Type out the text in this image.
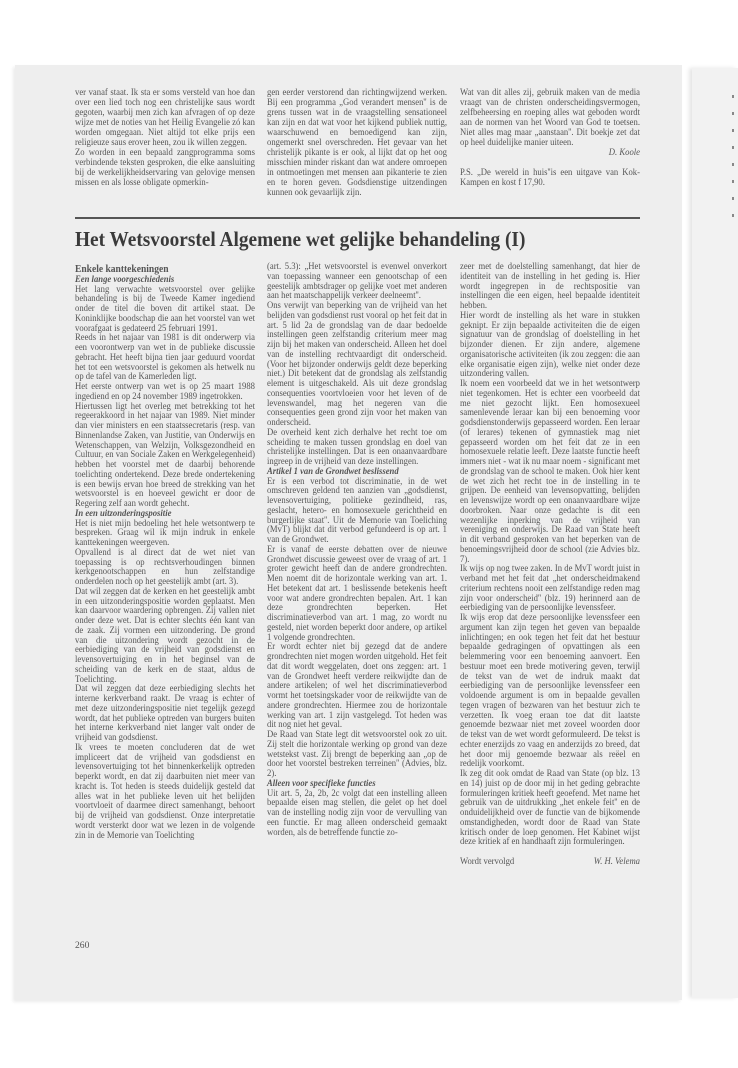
ver vanaf staat. Ik sta er soms versteld van hoe dan over een lied toch nog een christelijke saus wordt gegoten, waarbij men zich kan afvragen of op deze wijze met de noties van het Heilig Evangelie zó kan worden omgegaan. Niet altijd tot elke prijs een religieuze saus erover heen, zou ik willen zeggen.

Zo worden in een bepaald zangprogramma soms verbindende teksten gesproken, die elke aansluiting bij de werkelijkheidservaring van gelovige mensen missen en als losse obligate opmerkin-

gen eerder verstorend dan richtingwijzend werken. Bij een programma „God verandert mensen'' is de grens tussen wat in de vraagstelling sensationeel kan zijn en dat wat voor het kijkend publiek nuttig, waarschuwend en bemoedigend kan zijn, ongemerkt snel overschreden. Het gevaar van het christelijk pikante is er ook, al lijkt dat op het oog misschien minder riskant dan wat andere omroepen in ontmoetingen met mensen aan pikanterie te zien en te horen geven. Godsdienstige uitzendingen kunnen ook gevaarlijk zijn.

Wat van dit alles zij, gebruik maken van de media vraagt van de christen onderscheidingsvermogen, zelfbeheersing en roeping alles wat geboden wordt aan de normen van het Woord van God te toetsen. Niet alles mag maar „aanstaan''. Dit boekje zet dat op heel duidelijke manier uiteen.

D. Koole

P.S. „De wereld in huis''is een uitgave van Kok-Kampen en kost f 17,90.

Het Wetsvoorstel Algemene wet gelijke behandeling (I)

Enkele kanttekeningen

Een lange voorgeschiedenis

Het lang verwachte wetsvoorstel over gelijke behandeling is bij de Tweede Kamer ingediend onder de titel die boven dit artikel staat. De Koninklijke boodschap die aan het voorstel van wet voorafgaat is gedateerd 25 februari 1991.

Reeds in het najaar van 1981 is dit onderwerp via een voorontwerp van wet in de publieke discussie gebracht. Het heeft bijna tien jaar geduurd voordat het tot een wetsvoorstel is gekomen als hetwelk nu op de tafel van de Kamerleden ligt.

Het eerste ontwerp van wet is op 25 maart 1988 ingediend en op 24 november 1989 ingetrokken.

Hiertussen ligt het overleg met betrekking tot het regeerakkoord in het najaar van 1989. Niet minder dan vier ministers en een staatssecretaris (resp. van Binnenlandse Zaken, van Justitie, van Onderwijs en Wetenschappen, van Welzijn, Volksgezondheid en Cultuur, en van Sociale Zaken en Werkgelegenheid) hebben het voorstel met de daarbij behorende toelichting ondertekend. Deze brede ondertekening is een bewijs ervan hoe breed de strekking van het wetsvoorstel is en hoeveel gewicht er door de Regering zelf aan wordt gehecht.

In een uitzonderingspositie

Het is niet mijn bedoeling het hele wetsontwerp te bespreken. Graag wil ik mijn indruk in enkele kanttekeningen weergeven.

Opvallend is al direct dat de wet niet van toepassing is op rechtsverhoudingen binnen kerkgenootschappen en hun zelfstandige onderdelen noch op het geestelijk ambt (art. 3).

Dat wil zeggen dat de kerken en het geestelijk ambt in een uitzonderingspositie worden geplaatst. Men kan daarvoor waardering opbrengen. Zij vallen niet onder deze wet. Dat is echter slechts één kant van de zaak. Zij vormen een uitzondering. De grond van die uitzondering wordt gezocht in de eerbiediging van de vrijheid van godsdienst en levensovertuiging en in het beginsel van de scheiding van de kerk en de staat, aldus de Toelichting.

Dat wil zeggen dat deze eerbiediging slechts het interne kerkverband raakt. De vraag is echter of met deze uitzonderingspositie niet tegelijk gezegd wordt, dat het publieke optreden van burgers buiten het interne kerkverband niet langer valt onder de vrijheid van godsdienst.

Ik vrees te moeten concluderen dat de wet impliceert dat de vrijheid van godsdienst en levensovertuiging tot het binnenkerkelijk optreden beperkt wordt, en dat zij daarbuiten niet meer van kracht is. Tot heden is steeds duidelijk gesteld dat alles wat in het publieke leven uit het belijden voortvloeit of daarmee direct samenhangt, behoort bij de vrijheid van godsdienst. Onze interpretatie wordt versterkt door wat we lezen in de volgende zin in de Memorie van Toelichting

(art. 5.3): „Het wetsvoorstel is evenwel onverkort van toepassing wanneer een genootschap of een geestelijk ambtsdrager op gelijke voet met anderen aan het maatschappelijk verkeer deelneemt''.

Ons verwijt van beperking van de vrijheid van het belijden van godsdienst rust vooral op het feit dat in art. 5 lid 2a de grondslag van de daar bedoelde instellingen geen zelfstandig criterium meer mag zijn bij het maken van onderscheid. Alleen het doel van de instelling rechtvaardigt dit onderscheid. (Voor het bijzonder onderwijs geldt deze beperking niet.) Dit betekent dat de grondslag als zelfstandig element is uitgeschakeld. Als uit deze grondslag consequenties voortvloeien voor het leven of de levenswandel, mag het negeren van die consequenties geen grond zijn voor het maken van onderscheid.

De overheid kent zich derhalve het recht toe om scheiding te maken tussen grondslag en doel van christelijke instellingen. Dat is een onaanvaardbare ingreep in de vrijheid van deze instellingen.

Artikel 1 van de Grondwet beslissend

Er is een verbod tot discriminatie, in de wet omschreven geldend ten aanzien van „godsdienst, levensovertuiging, politieke gezindheid, ras, geslacht, hetero- en homosexuele gerichtheid en burgerlijke staat''. Uit de Memorie van Toeliching (MvT) blijkt dat dit verbod gefundeerd is op art. 1 van de Grondwet.

Er is vanaf de eerste debatten over de nieuwe Grondwet discussie geweest over de vraag of art. 1 groter gewicht heeft dan de andere grondrechten. Men noemt dit de horizontale werking van art. 1. Het betekent dat art. 1 beslissende betekenis heeft voor wat andere grondrechten bepalen. Art. 1 kan deze grondrechten beperken. Het discriminatieverbod van art. 1 mag, zo wordt nu gesteld, niet worden beperkt door andere, op artikel 1 volgende grondrechten.

Er wordt echter niet bij gezegd dat de andere grondrechten niet mogen worden uitgehold. Het feit dat dit wordt weggelaten, doet ons zeggen: art. 1 van de Grondwet heeft verdere reikwijdte dan de andere artikelen; of wel het discriminatieverbod vormt het toetsingskader voor de reikwijdte van de andere grondrechten. Hiermee zou de horizontale werking van art. 1 zijn vastgelegd. Tot heden was dit nog niet het geval.

De Raad van State legt dit wetsvoorstel ook zo uit. Zij stelt die horizontale werking op grond van deze wetstekst vast. Zij brengt de beperking aan „op de door het voorstel bestreken terreinen'' (Advies, blz. 2).

Alleen voor specifieke functies

Uit art. 5, 2a, 2b, 2c volgt dat een instelling alleen bepaalde eisen mag stellen, die gelet op het doel van de instelling nodig zijn voor de vervulling van een functie. Er mag alleen onderscheid gemaakt worden, als de betreffende functie zo-

zeer met de doelstelling samenhangt, dat hier de identiteit van de instelling in het geding is. Hier wordt ingegrepen in de rechtspositie van instellingen die een eigen, heel bepaalde identiteit hebben.

Hier wordt de instelling als het ware in stukken geknipt. Er zijn bepaalde activiteiten die de eigen signatuur van de grondslag of doelstelling in het bijzonder dienen. Er zijn andere, algemene organisatorische activiteiten (ik zou zeggen: die aan elke organisatie eigen zijn), welke niet onder deze uitzondering vallen.

Ik noem een voorbeeld dat we in het wetsontwerp niet tegenkomen. Het is echter een voorbeeld dat me niet gezocht lijkt. Een homosexueel samenlevende leraar kan bij een benoeming voor godsdienstonderwijs gepasseerd worden. Een leraar (of lerares) tekenen of gymnastiek mag niet gepasseerd worden om het feit dat ze in een homosexuele relatie leeft. Deze laatste functie heeft immers niet - wat ik nu maar noem - significant met de grondslag van de school te maken. Ook hier kent de wet zich het recht toe in de instelling in te grijpen. De eenheid van levensopvatting, belijden en levenswijze wordt op een onaanvaardbare wijze doorbroken. Naar onze gedachte is dit een wezenlijke inperking van de vrijheid van vereniging en onderwijs. De Raad van State heeft in dit verband gesproken van het beperken van de benoemingsvrijheid door de school (zie Advies blz. 7).

Ik wijs op nog twee zaken. In de MvT wordt juist in verband met het feit dat „het onderscheidmakend criterium rechtens nooit een zelfstandige reden mag zijn voor onderscheid'' (blz. 19) herinnerd aan de eerbiediging van de persoonlijke levenssfeer.

Ik wijs erop dat deze persoonlijke levenssfeer een argument kan zijn tegen het geven van bepaalde inlichtingen; en ook tegen het feit dat het bestuur bepaalde gedragingen of opvattingen als een belemmering voor een benoeming aanvoert. Een bestuur moet een brede motivering geven, terwijl de tekst van de wet de indruk maakt dat eerbiediging van de persoonlijke levenssfeer een voldoende argument is om in bepaalde gevallen tegen vragen of bezwaren van het bestuur zich te verzetten. Ik voeg eraan toe dat dit laatste genoemde bezwaar niet met zoveel woorden door de tekst van de wet wordt geformuleerd. De tekst is echter enerzijds zo vaag en anderzijds zo breed, dat het door mij genoemde bezwaar als reëel en redelijk voorkomt.

Ik zeg dit ook omdat de Raad van State (op blz. 13 en 14) juist op de door mij in het geding gebrachte formuleringen kritiek heeft geoefend. Met name het gebruik van de uitdrukking „het enkele feit'' en de onduidelijkheid over de functie van de bijkomende omstandigheden, wordt door de Raad van State kritisch onder de loep genomen. Het Kabinet wijst deze kritiek af en handhaaft zijn formuleringen.

Wordt vervolgd	W. H. Velema
260
